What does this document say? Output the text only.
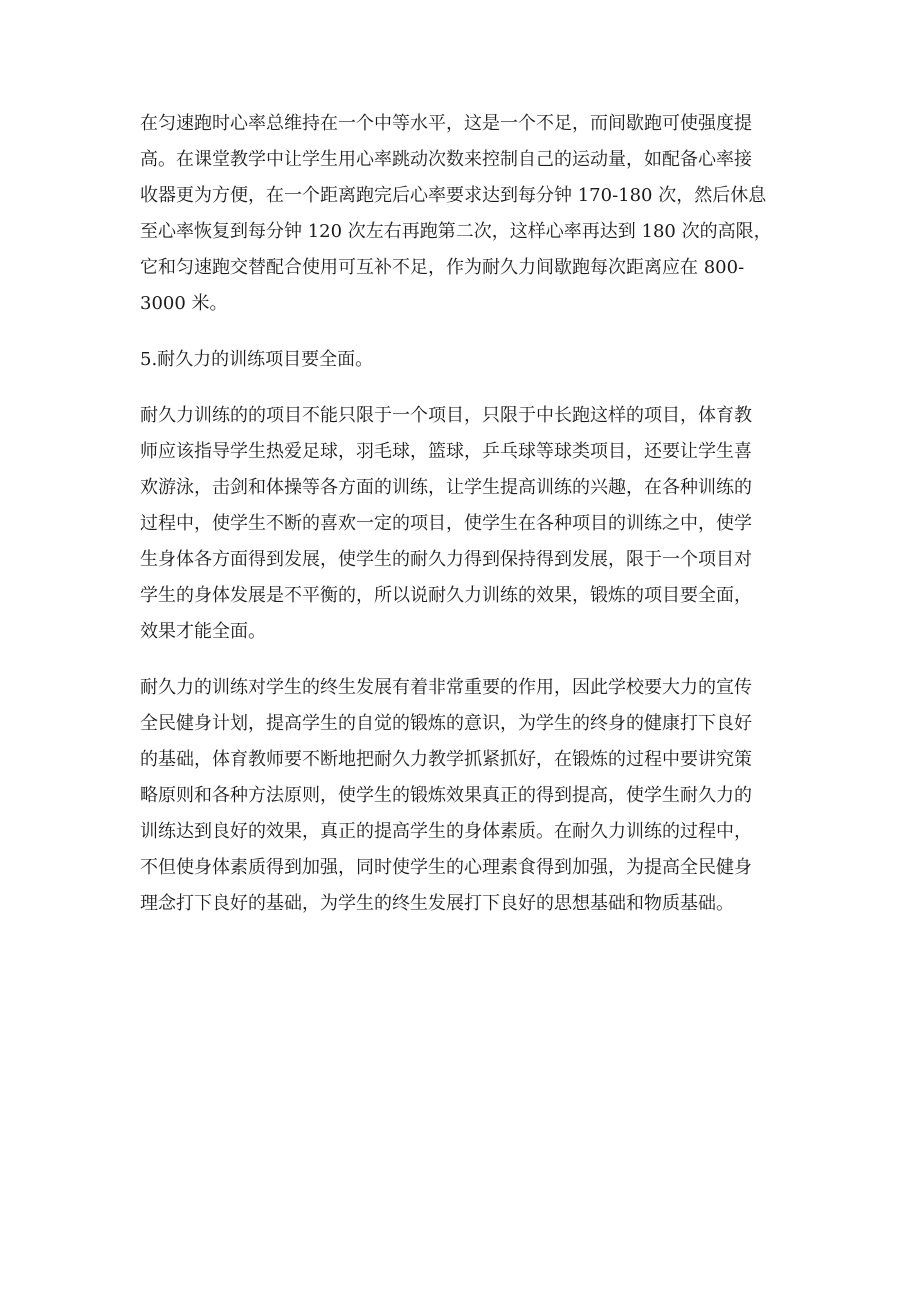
在匀速跑时心率总维持在一个中等水平，这是一个不足，而间歇跑可使强度提
高。在课堂教学中让学生用心率跳动次数来控制自己的运动量，如配备心率接
收器更为方便，在一个距离跑完后心率要求达到每分钟 170-180 次，然后休息
至心率恢复到每分钟 120 次左右再跑第二次，这样心率再达到 180 次的高限，
它和匀速跑交替配合使用可互补不足，作为耐久力间歇跑每次距离应在 800-
3000 米。
5.耐久力的训练项目要全面。
耐久力训练的的项目不能只限于一个项目，只限于中长跑这样的项目，体育教
师应该指导学生热爱足球，羽毛球，篮球，乒乓球等球类项目，还要让学生喜
欢游泳，击剑和体操等各方面的训练，让学生提高训练的兴趣，在各种训练的
过程中，使学生不断的喜欢一定的项目，使学生在各种项目的训练之中，使学
生身体各方面得到发展，使学生的耐久力得到保持得到发展，限于一个项目对
学生的身体发展是不平衡的，所以说耐久力训练的效果，锻炼的项目要全面，
效果才能全面。
耐久力的训练对学生的终生发展有着非常重要的作用，因此学校要大力的宣传
全民健身计划，提高学生的自觉的锻炼的意识，为学生的终身的健康打下良好
的基础，体育教师要不断地把耐久力教学抓紧抓好，在锻炼的过程中要讲究策
略原则和各种方法原则，使学生的锻炼效果真正的得到提高，使学生耐久力的
训练达到良好的效果，真正的提高学生的身体素质。在耐久力训练的过程中，
不但使身体素质得到加强，同时使学生的心理素食得到加强，为提高全民健身
理念打下良好的基础，为学生的终生发展打下良好的思想基础和物质基础。
